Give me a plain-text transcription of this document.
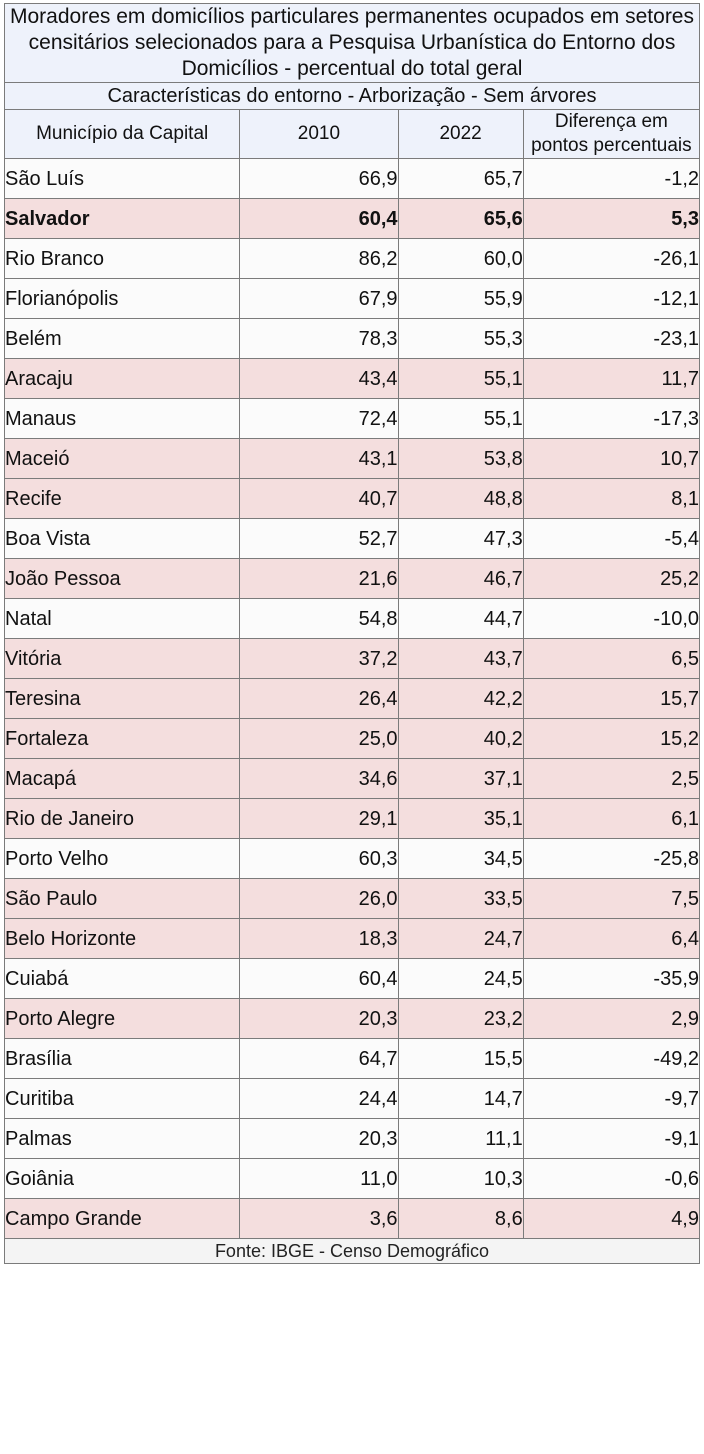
Moradores em domicílios particulares permanentes ocupados em setores censitários selecionados para a Pesquisa Urbanística do Entorno dos Domicílios - percentual do total geral			
Características do entorno - Arborização - Sem árvores			
Município da Capital	2010	2022	Diferença em pontos percentuais
São Luís	66,9	65,7	-1,2
Salvador	60,4	65,6	5,3
Rio Branco	86,2	60,0	-26,1
Florianópolis	67,9	55,9	-12,1
Belém	78,3	55,3	-23,1
Aracaju	43,4	55,1	11,7
Manaus	72,4	55,1	-17,3
Maceió	43,1	53,8	10,7
Recife	40,7	48,8	8,1
Boa Vista	52,7	47,3	-5,4
João Pessoa	21,6	46,7	25,2
Natal	54,8	44,7	-10,0
Vitória	37,2	43,7	6,5
Teresina	26,4	42,2	15,7
Fortaleza	25,0	40,2	15,2
Macapá	34,6	37,1	2,5
Rio de Janeiro	29,1	35,1	6,1
Porto Velho	60,3	34,5	-25,8
São Paulo	26,0	33,5	7,5
Belo Horizonte	18,3	24,7	6,4
Cuiabá	60,4	24,5	-35,9
Porto Alegre	20,3	23,2	2,9
Brasília	64,7	15,5	-49,2
Curitiba	24,4	14,7	-9,7
Palmas	20,3	11,1	-9,1
Goiânia	11,0	10,3	-0,6
Campo Grande	3,6	8,6	4,9
Fonte: IBGE - Censo Demográfico			
